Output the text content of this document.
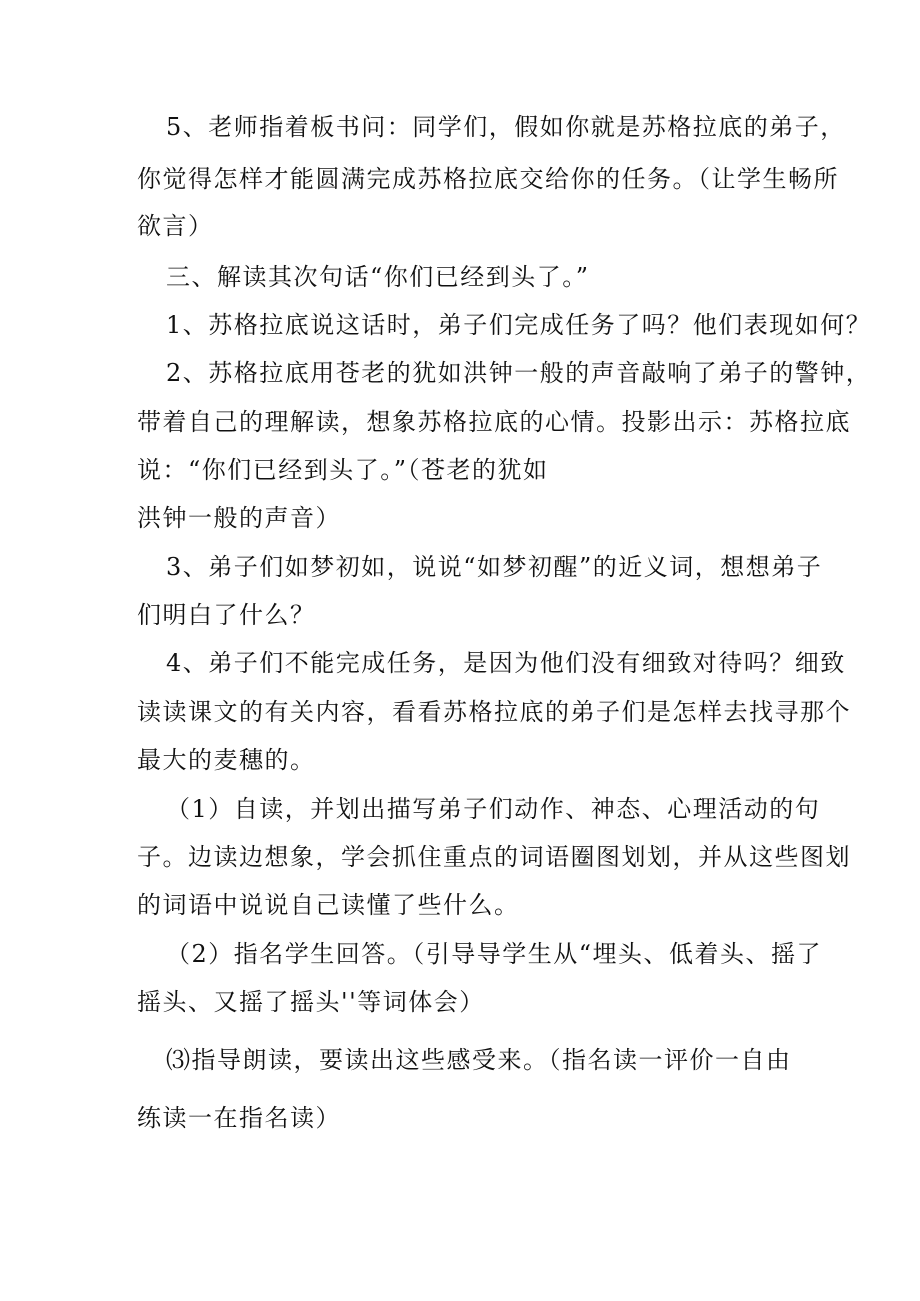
5、老师指着板书问：同学们，假如你就是苏格拉底的弟子，
你觉得怎样才能圆满完成苏格拉底交给你的任务。（让学生畅所
欲言）
三、解读其次句话“你们已经到头了。”
1、苏格拉底说这话时，弟子们完成任务了吗？他们表现如何？
2、苏格拉底用苍老的犹如洪钟一般的声音敲响了弟子的警钟，
带着自己的理解读，想象苏格拉底的心情。投影出示：苏格拉底
说：“你们已经到头了。”（苍老的犹如
洪钟一般的声音）
3、弟子们如梦初如，说说“如梦初醒”的近义词，想想弟子
们明白了什么？
4、弟子们不能完成任务，是因为他们没有细致对待吗？细致
读读课文的有关内容，看看苏格拉底的弟子们是怎样去找寻那个
最大的麦穗的。
（1）自读，并划出描写弟子们动作、神态、心理活动的句
子。边读边想象，学会抓住重点的词语圈图划划，并从这些图划
的词语中说说自己读懂了些什么。
（2）指名学生回答。（引导导学生从“埋头、低着头、摇了
摇头、又摇了摇头''等词体会）
⑶指导朗读，要读出这些感受来。（指名读一评价一自由
练读一在指名读）
